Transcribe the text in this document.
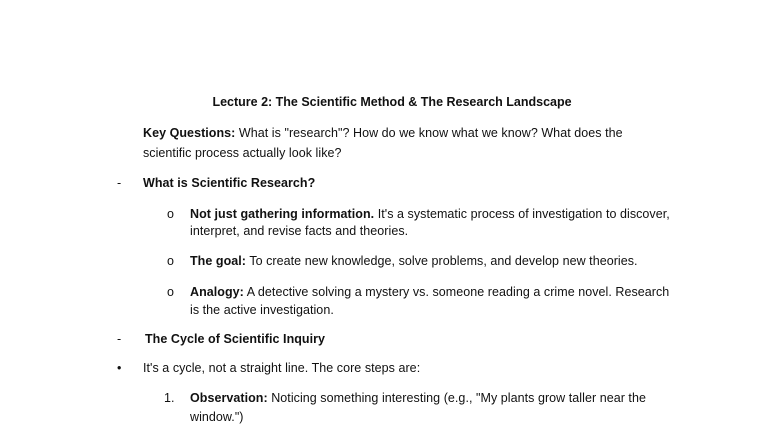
Lecture 2: The Scientific Method & The Research Landscape
Key Questions: What is "research"? How do we know what we know? What does the
scientific process actually look like?
- What is Scientific Research?
o Not just gathering information. It's a systematic process of investigation to discover,
interpret, and revise facts and theories.
o The goal: To create new knowledge, solve problems, and develop new theories.
o Analogy: A detective solving a mystery vs. someone reading a crime novel. Research
is the active investigation.
- The Cycle of Scientific Inquiry
• It's a cycle, not a straight line. The core steps are:
1. Observation: Noticing something interesting (e.g., "My plants grow taller near the
window.")
